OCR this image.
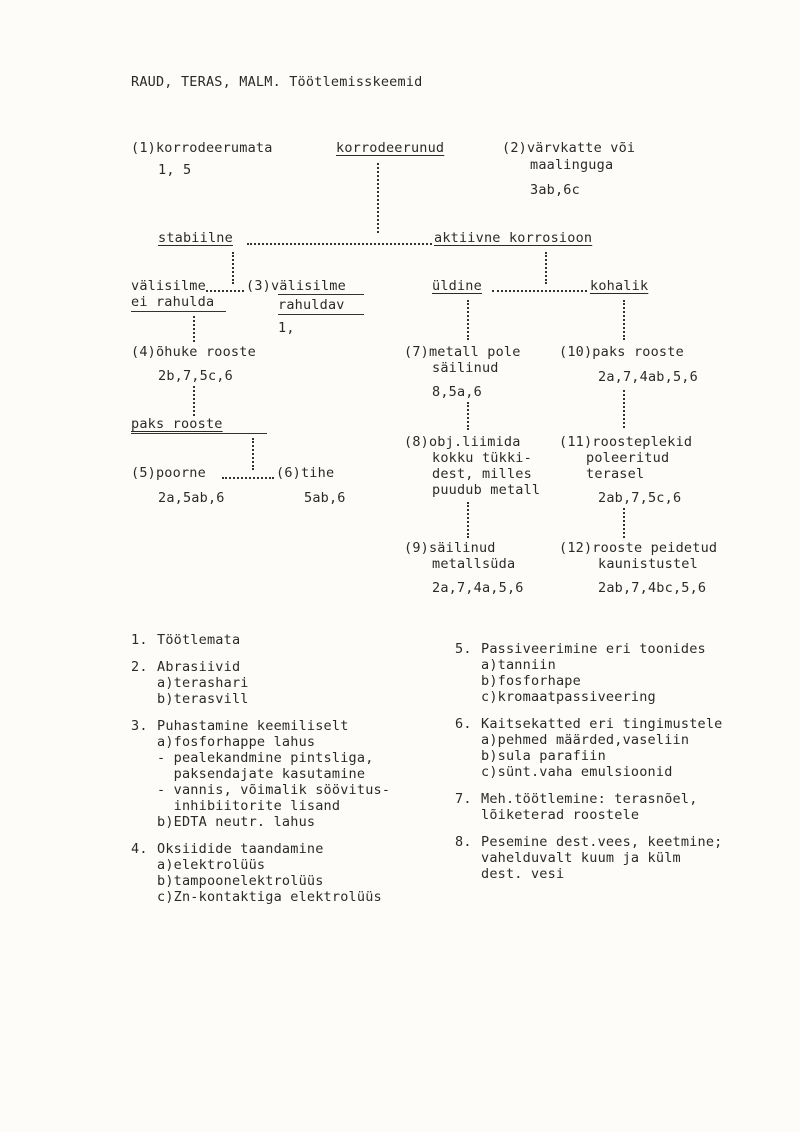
RAUD, TERAS, MALM. Töötlemisskeemid
(1)korrodeerumata
1, 5
korrodeerunud	(2)värvkatte või
maalinguga
3ab,6c
stabiilne	aktiivne korrosioon
välisilme
ei rahulda
(3)välisilme
rahuldav
1,
(4)õhuke rooste
2b,7,5c,6
paks rooste
(5)poorne	(6)tihe
2a,5ab,6	5ab,6
üldine	kohalik
(7)metall pole
säilinud
8,5a,6
(8)obj.liimida
kokku tükki-
dest, milles
puudub metall
(9)säilinud
metallsüda
2a,7,4a,5,6
(10)paks rooste
2a,7,4ab,5,6
(11)roosteplekid
poleeritud
terasel
2ab,7,5c,6
(12)rooste peidetud
kaunistustel
2ab,7,4bc,5,6
1. Töötlemata
2. Abrasiivid
a)terashari
b)terasvill
3. Puhastamine keemiliselt
a)fosforhappe lahus
- pealekandmine pintsliga,
paksendajate kasutamine
- vannis, võimalik söövitus-
inhibiitorite lisand
b)EDTA neutr. lahus
4. Oksiidide taandamine
a)elektrolüüs
b)tampoonelektrolüüs
c)Zn-kontaktiga elektrolüüs
5. Passiveerimine eri toonides
a)tanniin
b)fosforhape
c)kromaatpassiveering
6. Kaitsekatted eri tingimustele
a)pehmed määrded,vaseliin
b)sula parafiin
c)sünt.vaha emulsioonid
7. Meh.töötlemine: terasnõel,
lõiketerad roostele
8. Pesemine dest.vees, keetmine;
vahelduvalt kuum ja külm
dest. vesi
